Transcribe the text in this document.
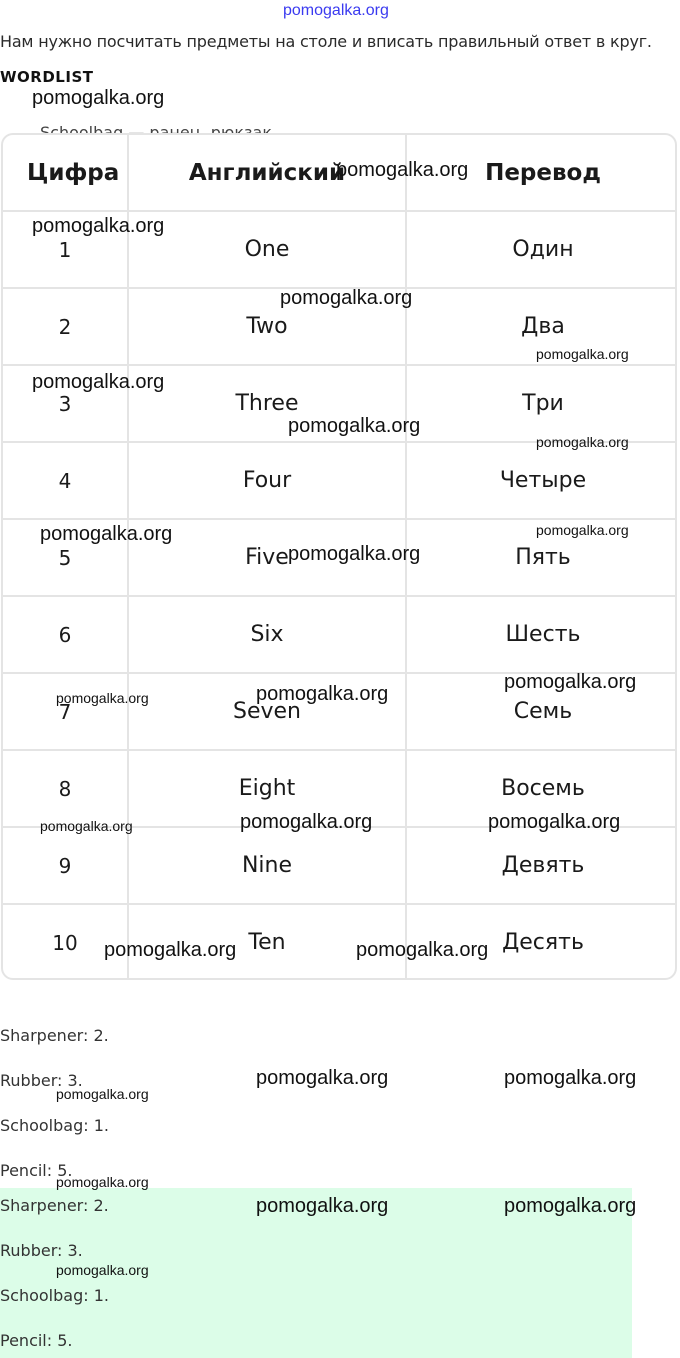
pomogalka.org
Нам нужно посчитать предметы на столе и вписать правильный ответ в круг.
WORDLIST
Цифра	Английский	Перевод
1	One	Один
2	Two	Два
3	Three	Три
4	Four	Четыре
5	Five	Пять
6	Six	Шесть
7	Seven	Семь
8	Eight	Восемь
9	Nine	Девять
10	Ten	Десять
Sharpener: 2.
Rubber: 3.
Schoolbag: 1.
Pencil: 5.
Sharpener: 2.
Rubber: 3.
Schoolbag: 1.
Pencil: 5.
pomogalka.org
pomogalka.org
pomogalka.org
pomogalka.org
pomogalka.org
pomogalka.org
pomogalka.org
pomogalka.org
pomogalka.org
pomogalka.org
pomogalka.org
pomogalka.org
pomogalka.org
pomogalka.org
pomogalka.org	pomogalka.org
pomogalka.org
pomogalka.org	pomogalka.org
pomogalka.org	pomogalka.org
pomogalka.org
pomogalka.org
pomogalka.org	pomogalka.org
pomogalka.org
